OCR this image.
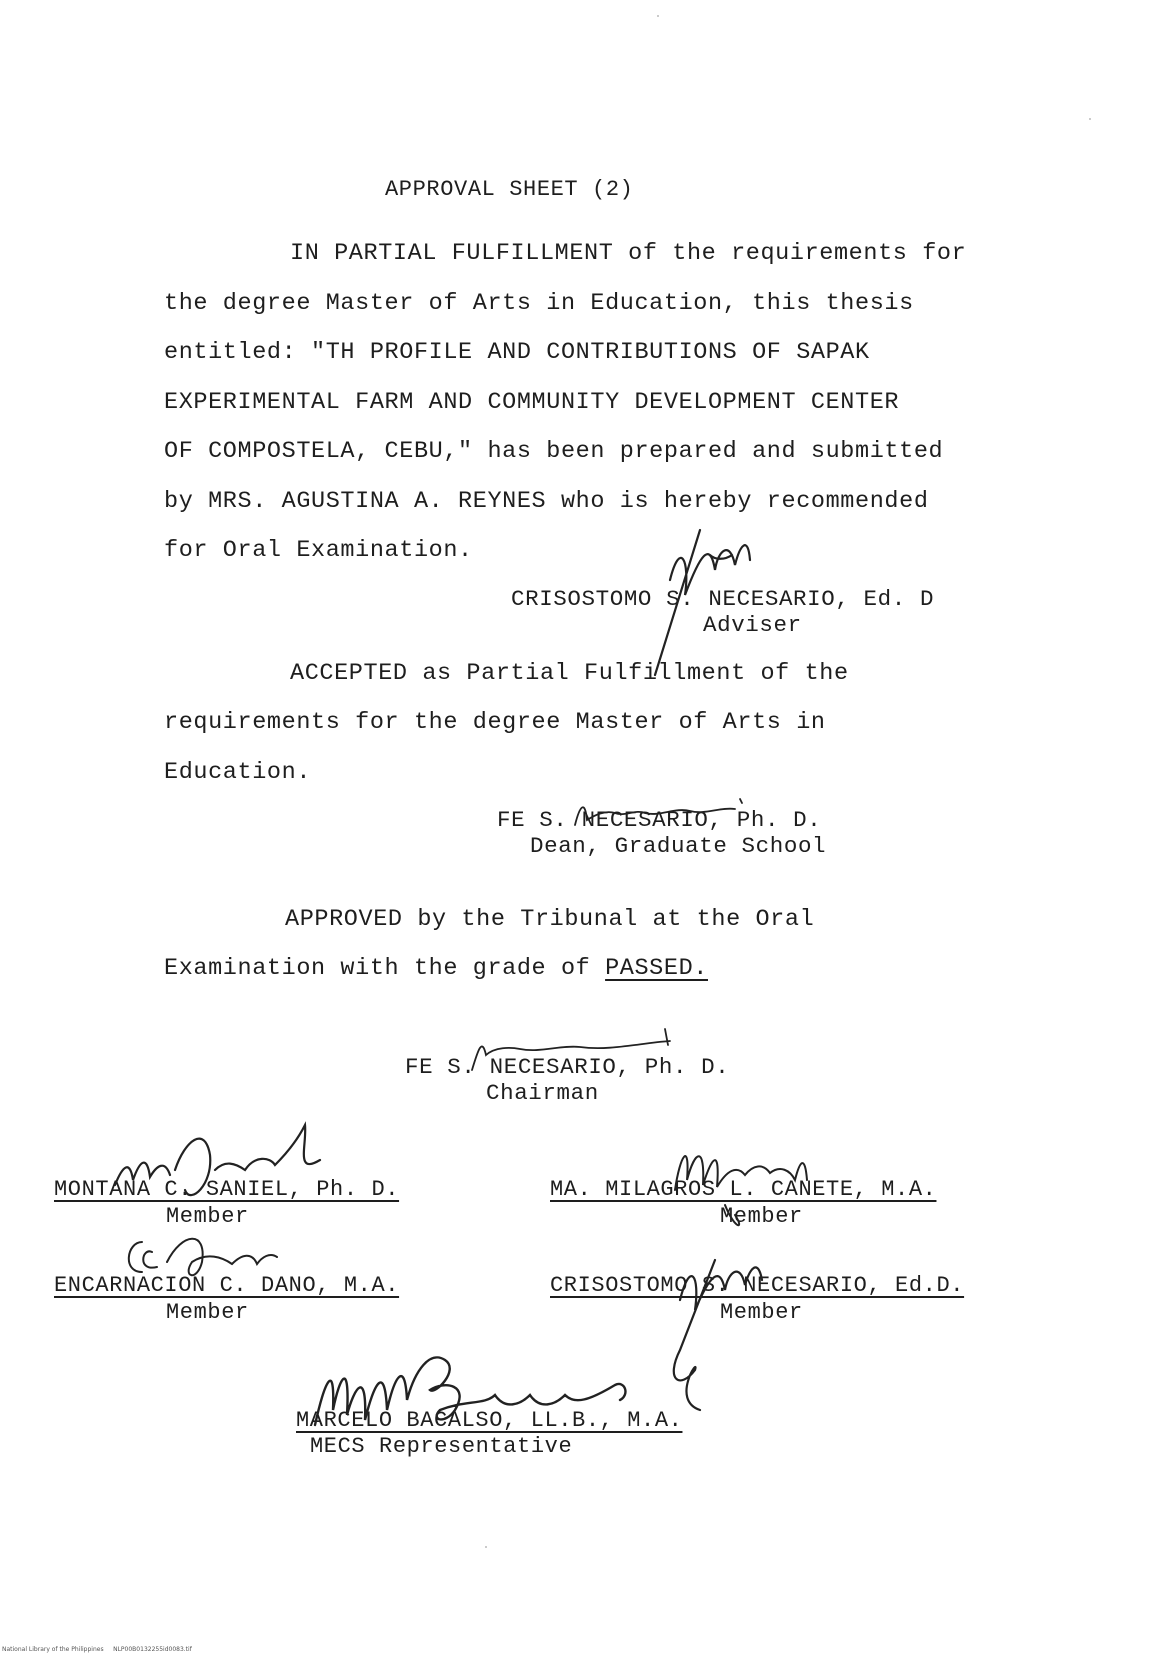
APPROVAL SHEET (2)
IN PARTIAL FULFILLMENT of the requirements for
the degree Master of Arts in Education, this thesis
entitled: "TH PROFILE AND CONTRIBUTIONS OF SAPAK
EXPERIMENTAL FARM AND COMMUNITY DEVELOPMENT CENTER
OF COMPOSTELA, CEBU," has been prepared and submitted
by MRS. AGUSTINA A. REYNES who is hereby recommended
for Oral Examination.
CRISOSTOMO S. NECESARIO, Ed. D
Adviser
ACCEPTED as Partial Fulfillment of the
requirements for the degree Master of Arts in
Education.
FE S. NECESARIO, Ph. D.
Dean, Graduate School
APPROVED by the Tribunal at the Oral
Examination with the grade of PASSED.
FE S. NECESARIO, Ph. D.
Chairman
MONTANA C. SANIEL, Ph. D.
Member
MA. MILAGROS L. CANETE, M.A.
Member
ENCARNACION C. DANO, M.A.
Member
CRISOSTOMO S. NECESARIO, Ed.D.
Member
MARCELO BACALSO, LL.B., M.A.
MECS Representative
National Library of the Philippines     NLP00B0132255id0083.tif
